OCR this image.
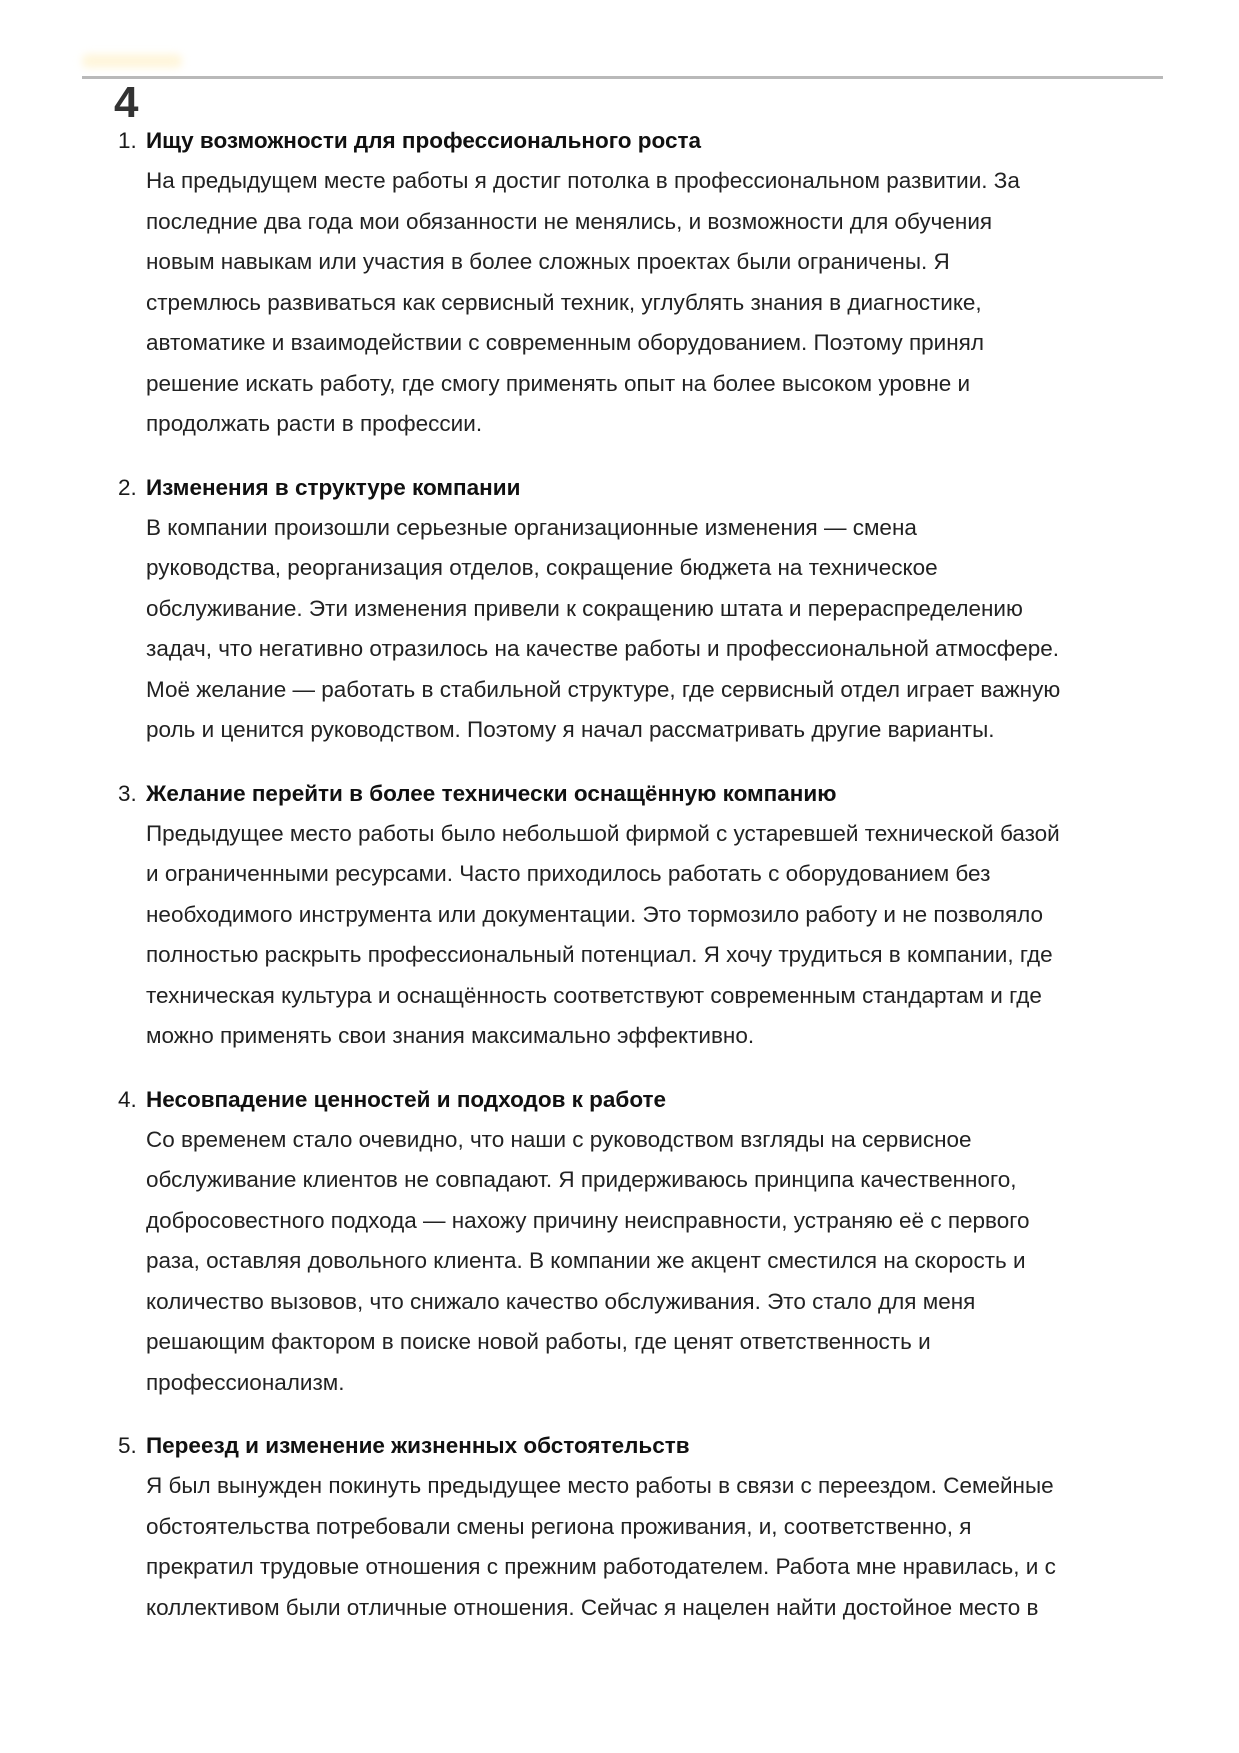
4
1. Ищу возможности для профессионального роста
На предыдущем месте работы я достиг потолка в профессиональном развитии. За
последние два года мои обязанности не менялись, и возможности для обучения
новым навыкам или участия в более сложных проектах были ограничены. Я
стремлюсь развиваться как сервисный техник, углублять знания в диагностике,
автоматике и взаимодействии с современным оборудованием. Поэтому принял
решение искать работу, где смогу применять опыт на более высоком уровне и
продолжать расти в профессии.
2. Изменения в структуре компании
В компании произошли серьезные организационные изменения — смена
руководства, реорганизация отделов, сокращение бюджета на техническое
обслуживание. Эти изменения привели к сокращению штата и перераспределению
задач, что негативно отразилось на качестве работы и профессиональной атмосфере.
Моё желание — работать в стабильной структуре, где сервисный отдел играет важную
роль и ценится руководством. Поэтому я начал рассматривать другие варианты.
3. Желание перейти в более технически оснащённую компанию
Предыдущее место работы было небольшой фирмой с устаревшей технической базой
и ограниченными ресурсами. Часто приходилось работать с оборудованием без
необходимого инструмента или документации. Это тормозило работу и не позволяло
полностью раскрыть профессиональный потенциал. Я хочу трудиться в компании, где
техническая культура и оснащённость соответствуют современным стандартам и где
можно применять свои знания максимально эффективно.
4. Несовпадение ценностей и подходов к работе
Со временем стало очевидно, что наши с руководством взгляды на сервисное
обслуживание клиентов не совпадают. Я придерживаюсь принципа качественного,
добросовестного подхода — нахожу причину неисправности, устраняю её с первого
раза, оставляя довольного клиента. В компании же акцент сместился на скорость и
количество вызовов, что снижало качество обслуживания. Это стало для меня
решающим фактором в поиске новой работы, где ценят ответственность и
профессионализм.
5. Переезд и изменение жизненных обстоятельств
Я был вынужден покинуть предыдущее место работы в связи с переездом. Семейные
обстоятельства потребовали смены региона проживания, и, соответственно, я
прекратил трудовые отношения с прежним работодателем. Работа мне нравилась, и с
коллективом были отличные отношения. Сейчас я нацелен найти достойное место в
